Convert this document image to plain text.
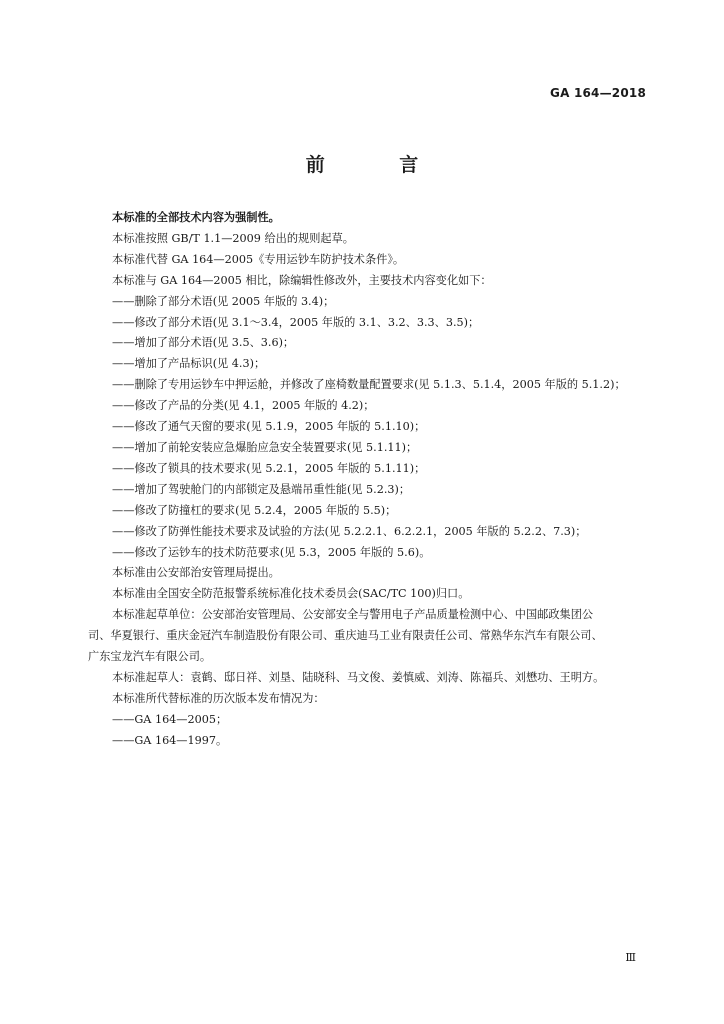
GA 164—2018
前 言

本标准的全部技术内容为强制性。

本标准按照 GB/T 1.1—2009 给出的规则起草。

本标准代替 GA 164—2005《专用运钞车防护技术条件》。

本标准与 GA 164—2005 相比，除编辑性修改外，主要技术内容变化如下：

——删除了部分术语(见 2005 年版的 3.4)；

——修改了部分术语(见 3.1～3.4，2005 年版的 3.1、3.2、3.3、3.5)；

——增加了部分术语(见 3.5、3.6)；

——增加了产品标识(见 4.3)；

——删除了专用运钞车中押运舱，并修改了座椅数量配置要求(见 5.1.3、5.1.4，2005 年版的 5.1.2)；

——修改了产品的分类(见 4.1，2005 年版的 4.2)；

——修改了通气天窗的要求(见 5.1.9，2005 年版的 5.1.10)；

——增加了前轮安装应急爆胎应急安全装置要求(见 5.1.11)；

——修改了锁具的技术要求(见 5.2.1，2005 年版的 5.1.11)；

——增加了驾驶舱门的内部锁定及悬端吊重性能(见 5.2.3)；

——修改了防撞杠的要求(见 5.2.4，2005 年版的 5.5)；

——修改了防弹性能技术要求及试验的方法(见 5.2.2.1、6.2.2.1，2005 年版的 5.2.2、7.3)；

——修改了运钞车的技术防范要求(见 5.3，2005 年版的 5.6)。

本标准由公安部治安管理局提出。

本标准由全国安全防范报警系统标准化技术委员会(SAC/TC 100)归口。

本标准起草单位：公安部治安管理局、公安部安全与警用电子产品质量检测中心、中国邮政集团公

司、华夏银行、重庆金冠汽车制造股份有限公司、重庆迪马工业有限责任公司、常熟华东汽车有限公司、

广东宝龙汽车有限公司。

本标准起草人：袁鹤、邸日祥、刘垦、陆晓科、马文俊、姜慎威、刘涛、陈福兵、刘懋功、王明方。

本标准所代替标准的历次版本发布情况为：

——GA 164—2005；

——GA 164—1997。

Ⅲ
